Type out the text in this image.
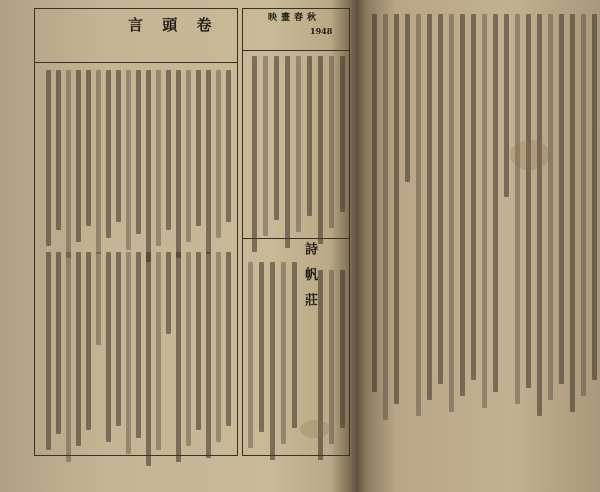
言 頭 卷	映畫春秋
1948
詩 帆 莊
